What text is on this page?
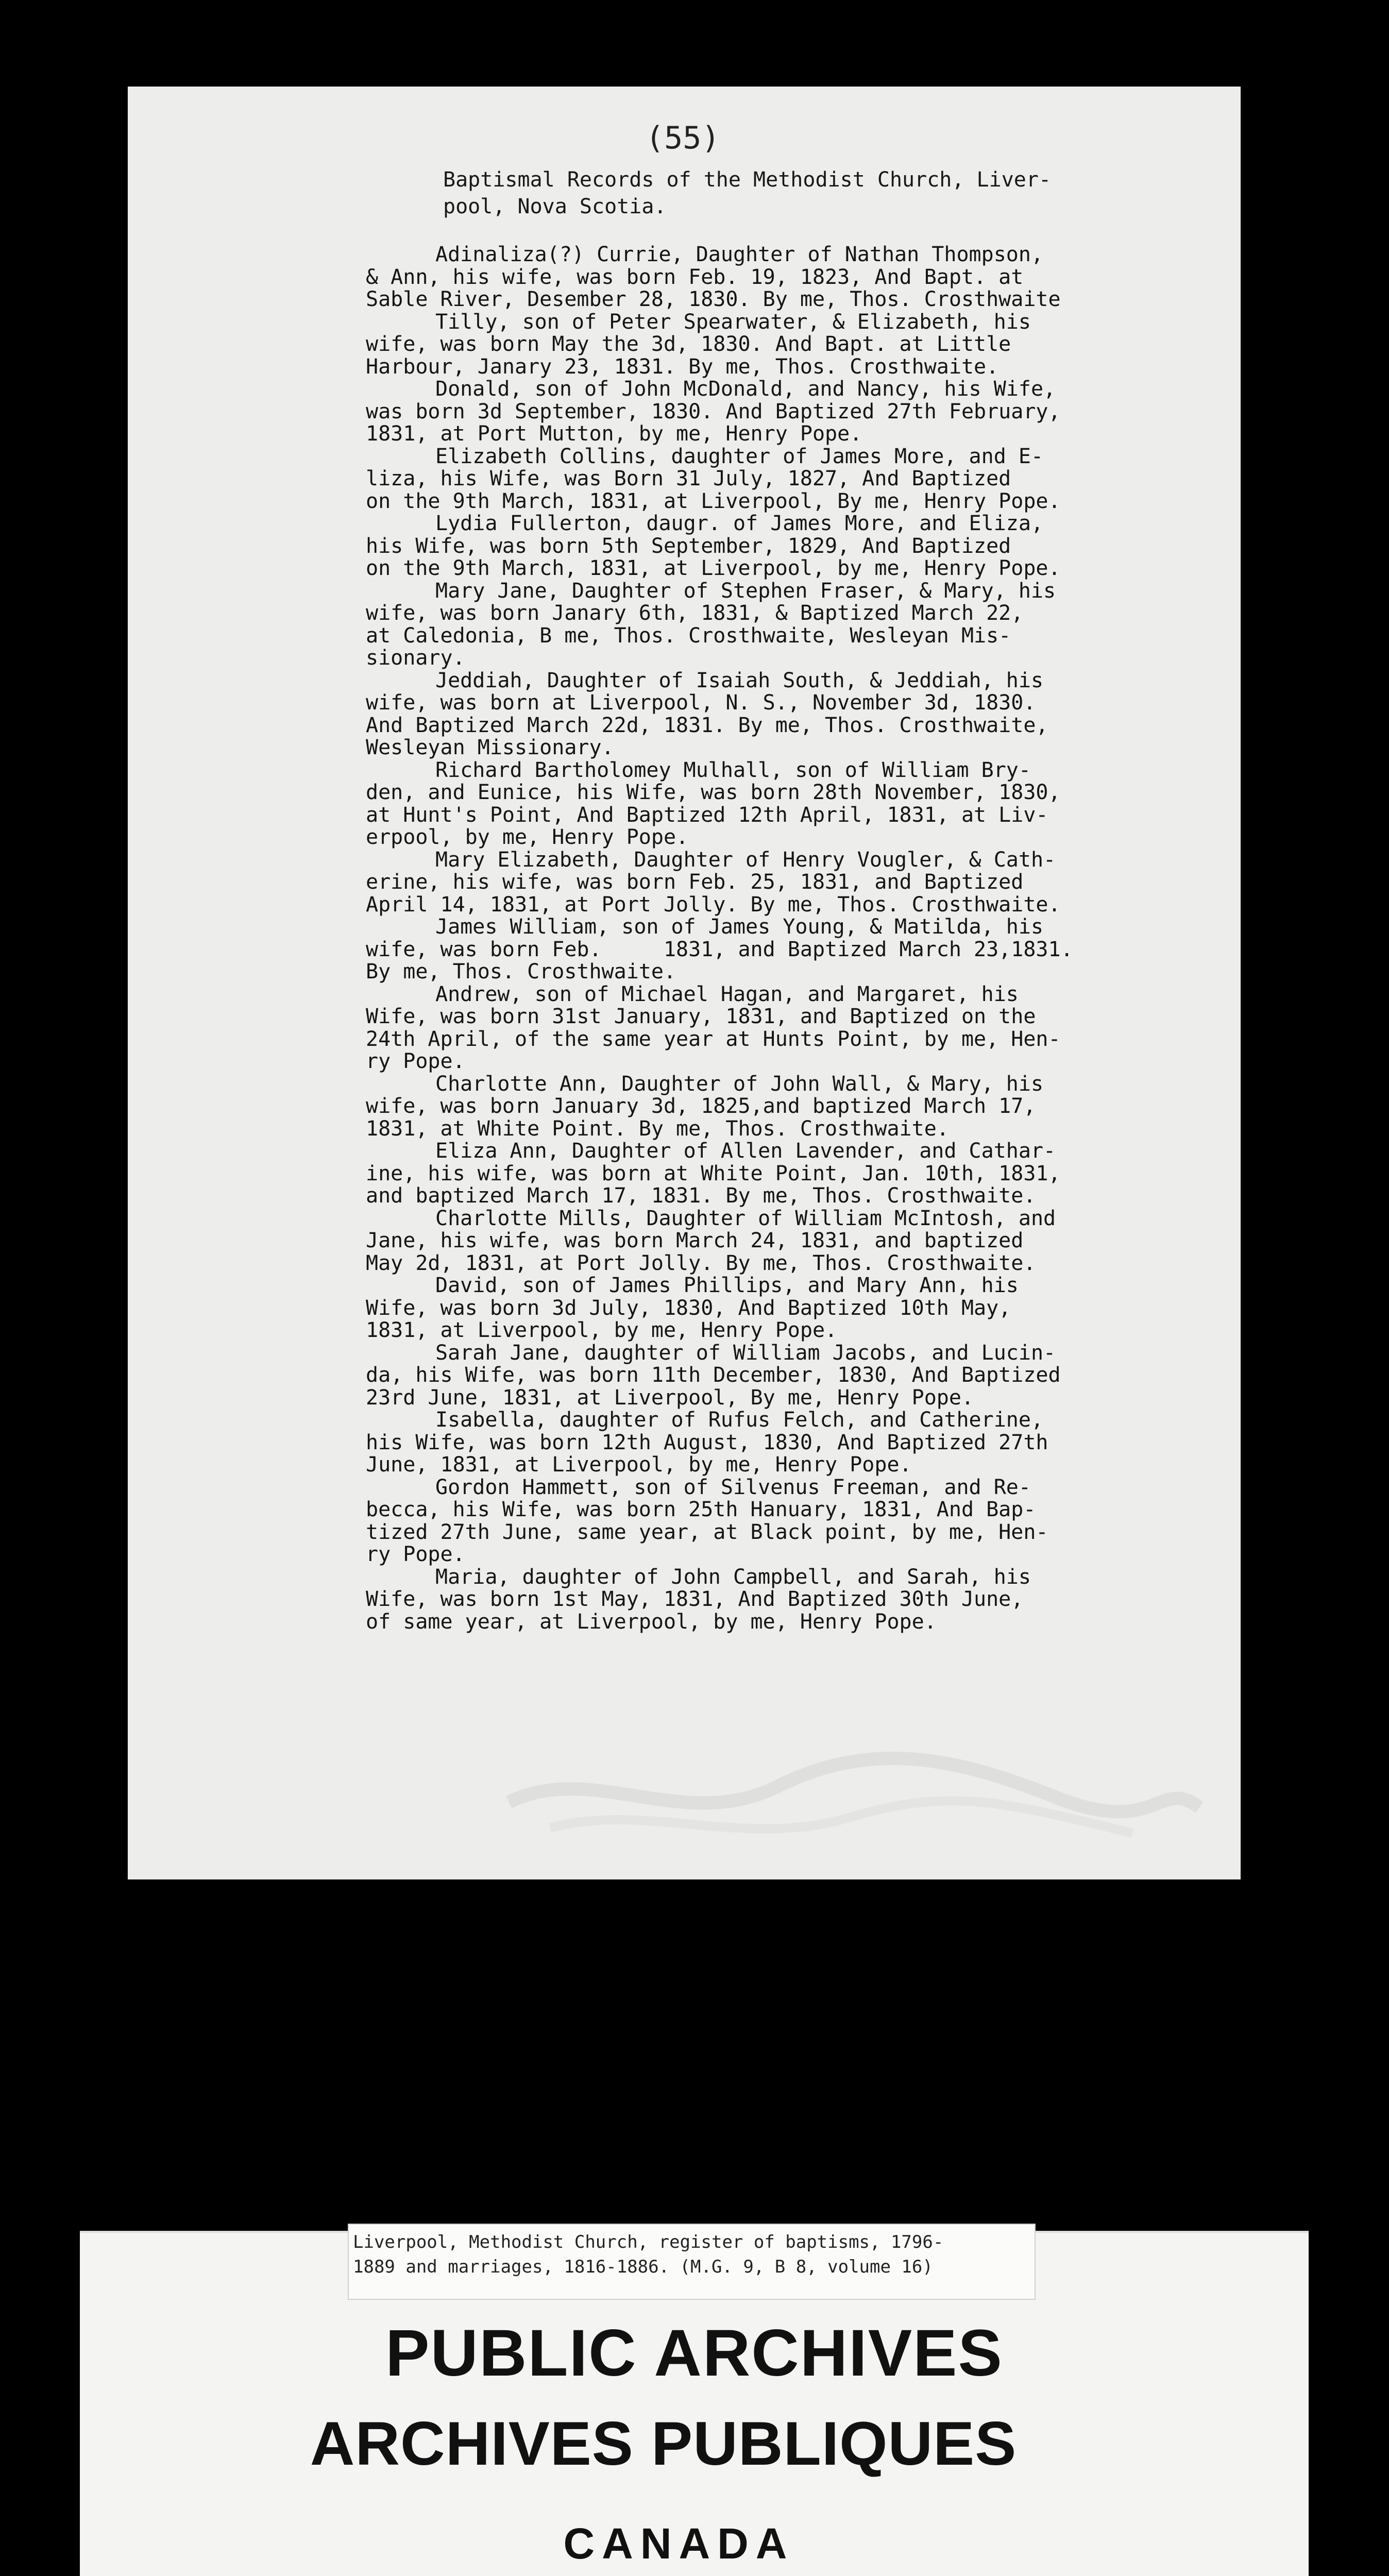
(55)
Baptismal Records of the Methodist Church, Liver-
pool, Nova Scotia.
Adinaliza(?) Currie, Daughter of Nathan Thompson,
& Ann, his wife, was born Feb. 19, 1823, And Bapt. at
Sable River, Desember 28, 1830. By me, Thos. Crosthwaite
Tilly, son of Peter Spearwater, & Elizabeth, his
wife, was born May the 3d, 1830. And Bapt. at Little
Harbour, Janary 23, 1831. By me, Thos. Crosthwaite.
Donald, son of John McDonald, and Nancy, his Wife,
was born 3d September, 1830. And Baptized 27th February,
1831, at Port Mutton, by me, Henry Pope.
Elizabeth Collins, daughter of James More, and E-
liza, his Wife, was Born 31 July, 1827, And Baptized
on the 9th March, 1831, at Liverpool, By me, Henry Pope.
Lydia Fullerton, daugr. of James More, and Eliza,
his Wife, was born 5th September, 1829, And Baptized
on the 9th March, 1831, at Liverpool, by me, Henry Pope.
Mary Jane, Daughter of Stephen Fraser, & Mary, his
wife, was born Janary 6th, 1831, & Baptized March 22,
at Caledonia, B me, Thos. Crosthwaite, Wesleyan Mis-
sionary.
Jeddiah, Daughter of Isaiah South, & Jeddiah, his
wife, was born at Liverpool, N. S., November 3d, 1830.
And Baptized March 22d, 1831. By me, Thos. Crosthwaite,
Wesleyan Missionary.
Richard Bartholomey Mulhall, son of William Bry-
den, and Eunice, his Wife, was born 28th November, 1830,
at Hunt's Point, And Baptized 12th April, 1831, at Liv-
erpool, by me, Henry Pope.
Mary Elizabeth, Daughter of Henry Vougler, & Cath-
erine, his wife, was born Feb. 25, 1831, and Baptized
April 14, 1831, at Port Jolly. By me, Thos. Crosthwaite.
James William, son of James Young, & Matilda, his
wife, was born Feb.     1831, and Baptized March 23,1831.
By me, Thos. Crosthwaite.
Andrew, son of Michael Hagan, and Margaret, his
Wife, was born 31st January, 1831, and Baptized on the
24th April, of the same year at Hunts Point, by me, Hen-
ry Pope.
Charlotte Ann, Daughter of John Wall, & Mary, his
wife, was born January 3d, 1825,and baptized March 17,
1831, at White Point. By me, Thos. Crosthwaite.
Eliza Ann, Daughter of Allen Lavender, and Cathar-
ine, his wife, was born at White Point, Jan. 10th, 1831,
and baptized March 17, 1831. By me, Thos. Crosthwaite.
Charlotte Mills, Daughter of William McIntosh, and
Jane, his wife, was born March 24, 1831, and baptized
May 2d, 1831, at Port Jolly. By me, Thos. Crosthwaite.
David, son of James Phillips, and Mary Ann, his
Wife, was born 3d July, 1830, And Baptized 10th May,
1831, at Liverpool, by me, Henry Pope.
Sarah Jane, daughter of William Jacobs, and Lucin-
da, his Wife, was born 11th December, 1830, And Baptized
23rd June, 1831, at Liverpool, By me, Henry Pope.
Isabella, daughter of Rufus Felch, and Catherine,
his Wife, was born 12th August, 1830, And Baptized 27th
June, 1831, at Liverpool, by me, Henry Pope.
Gordon Hammett, son of Silvenus Freeman, and Re-
becca, his Wife, was born 25th Hanuary, 1831, And Bap-
tized 27th June, same year, at Black point, by me, Hen-
ry Pope.
Maria, daughter of John Campbell, and Sarah, his
Wife, was born 1st May, 1831, And Baptized 30th June,
of same year, at Liverpool, by me, Henry Pope.
Liverpool, Methodist Church, register of baptisms, 1796-
1889 and marriages, 1816-1886. (M.G. 9, B 8, volume 16)
PUBLIC ARCHIVES
ARCHIVES PUBLIQUES
CANADA
